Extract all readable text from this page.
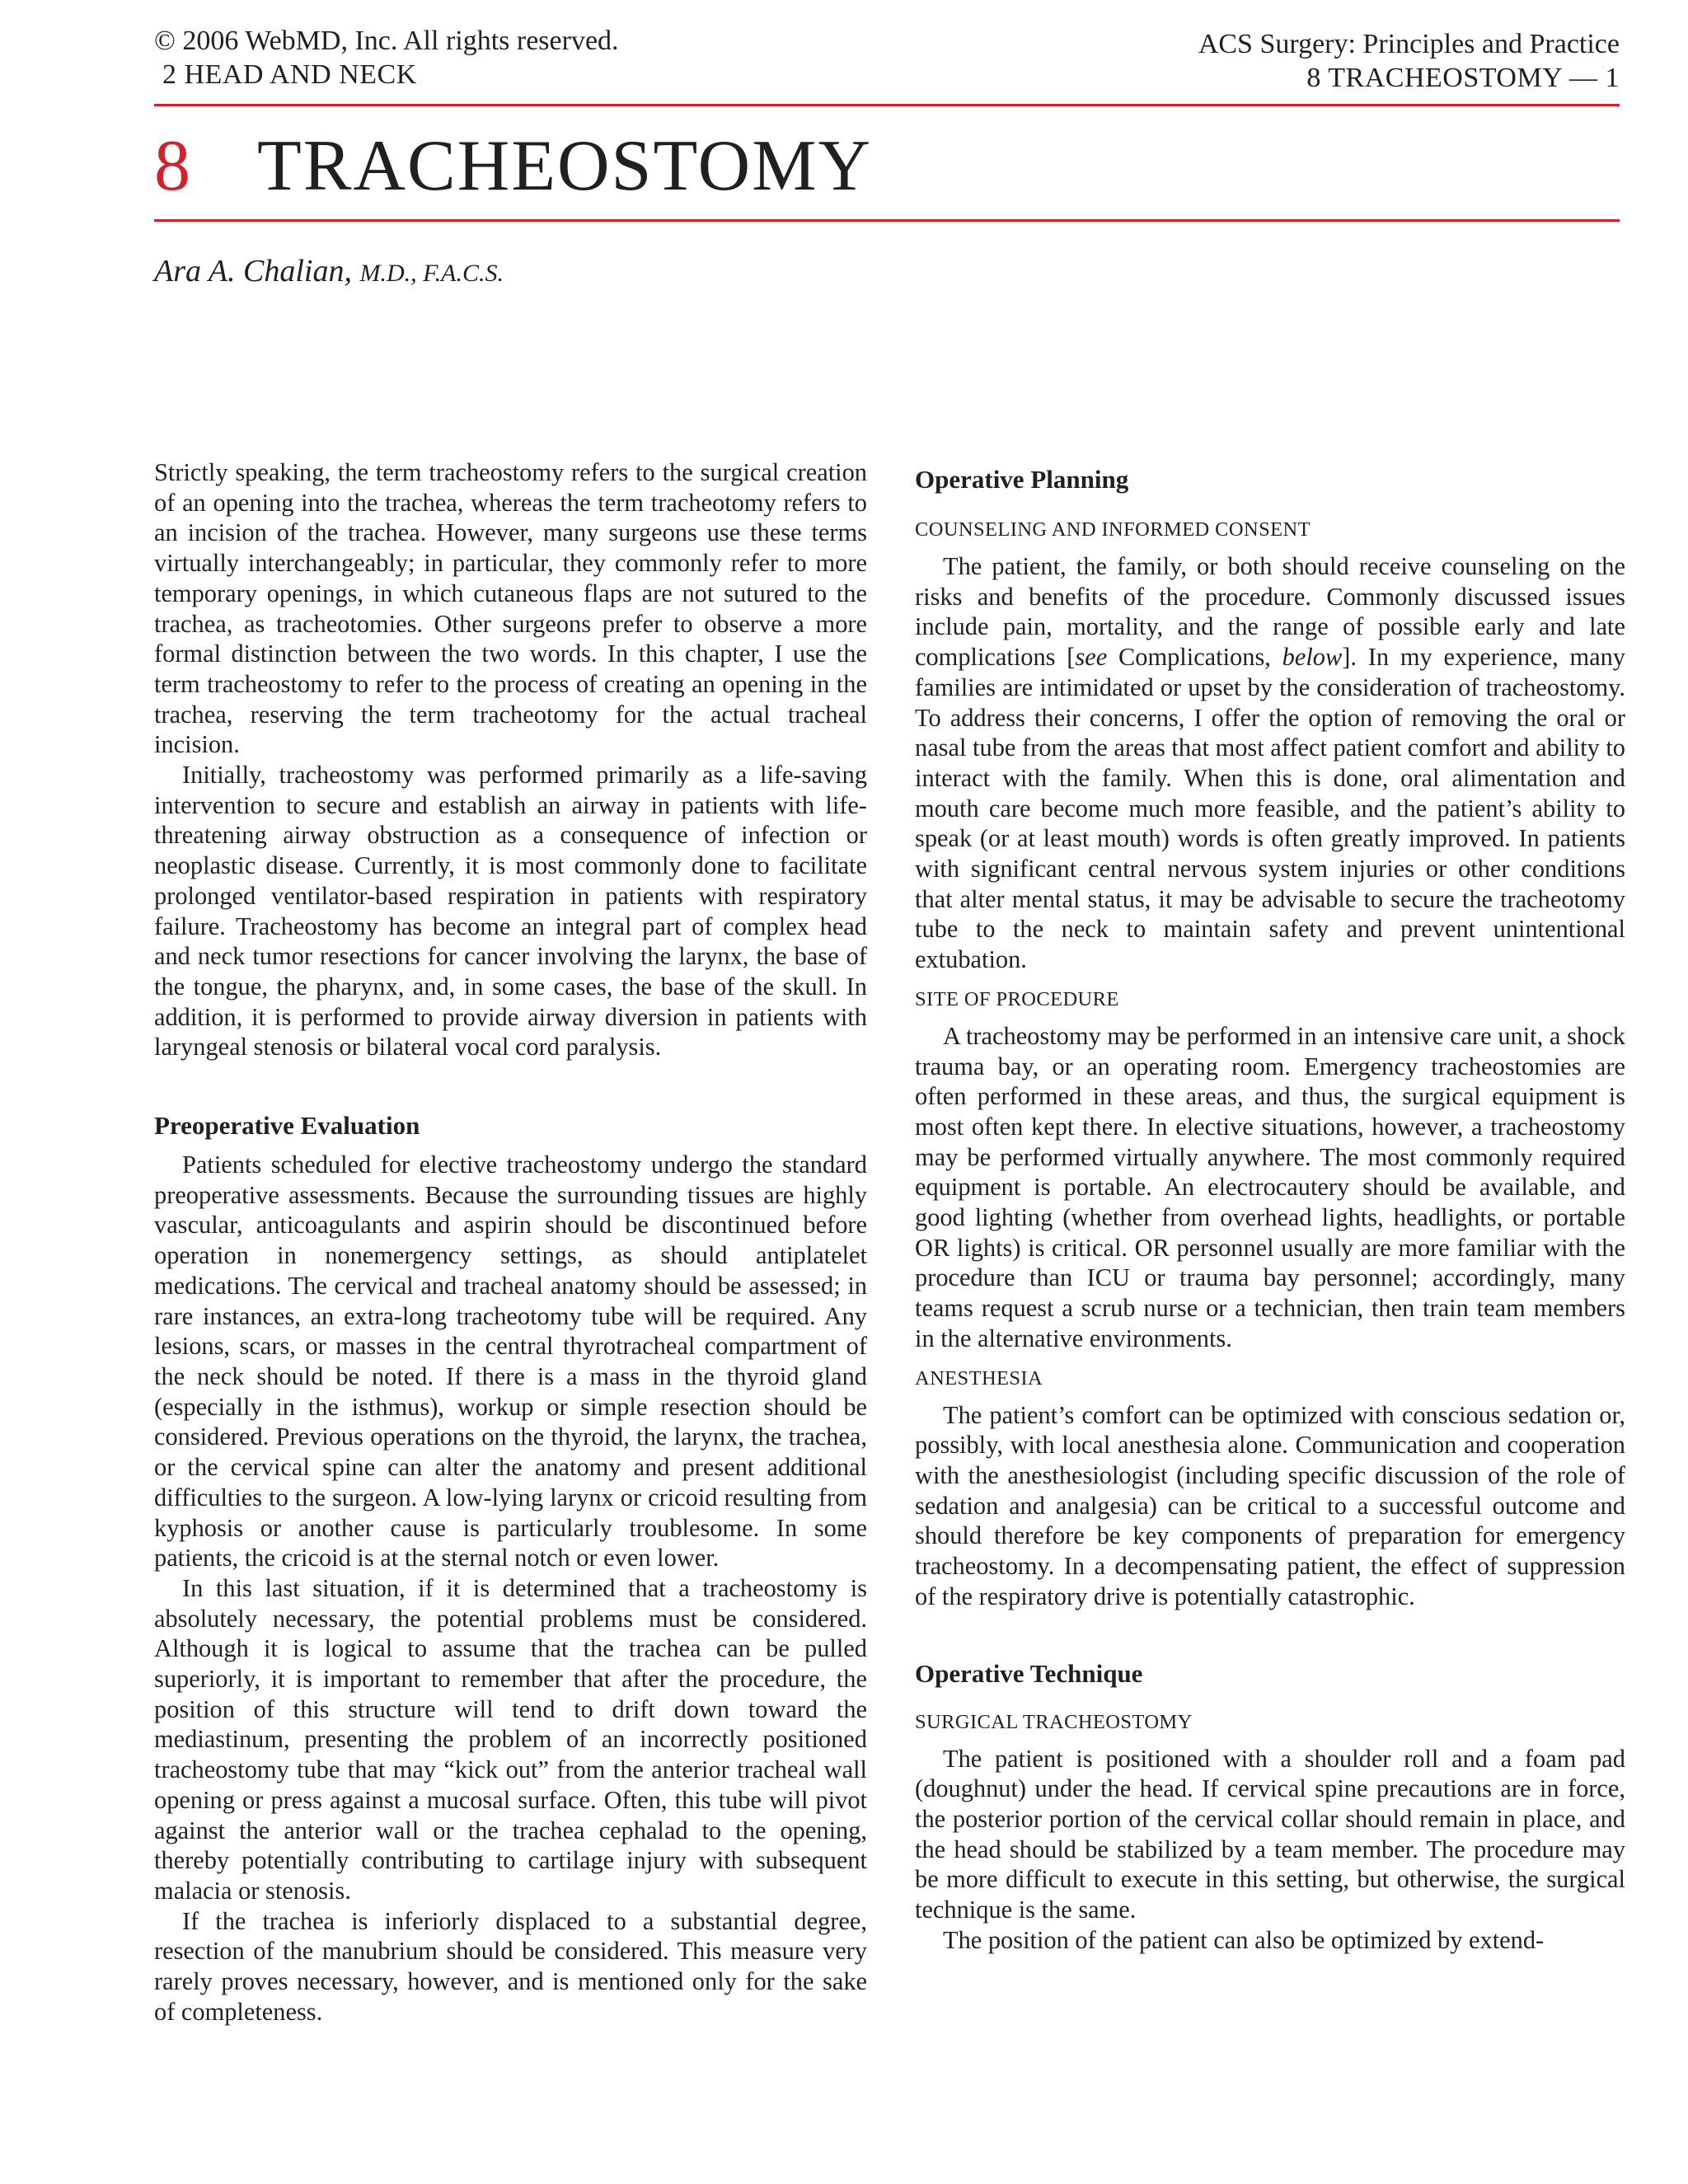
© 2006 WebMD, Inc. All rights reserved.
2 HEAD AND NECK
ACS Surgery: Principles and Practice
8 TRACHEOSTOMY — 1
8 TRACHEOSTOMY
Ara A. Chalian, M.D., F.A.C.S.

Strictly speaking, the term tracheostomy refers to the surgical creation of an opening into the trachea, whereas the term tracheotomy refers to an incision of the trachea. However, many surgeons use these terms virtually interchangeably; in particular, they commonly refer to more temporary openings, in which cutaneous flaps are not sutured to the trachea, as tracheotomies. Other surgeons prefer to observe a more formal distinction between the two words. In this chapter, I use the term tracheostomy to refer to the process of creating an opening in the trachea, reserving the term tracheotomy for the actual tracheal incision.

Initially, tracheostomy was performed primarily as a life-saving intervention to secure and establish an airway in patients with life-threatening airway obstruction as a consequence of infection or neoplastic disease. Currently, it is most commonly done to facilitate prolonged ventilator-based respiration in patients with respiratory failure. Tracheostomy has become an integral part of complex head and neck tumor resections for cancer involving the larynx, the base of the tongue, the pharynx, and, in some cases, the base of the skull. In addition, it is performed to provide airway diversion in patients with laryngeal stenosis or bilateral vocal cord paralysis.

Preoperative Evaluation

Patients scheduled for elective tracheostomy undergo the standard preoperative assessments. Because the surrounding tissues are highly vascular, anticoagulants and aspirin should be discontinued before operation in nonemergency settings, as should antiplatelet medications. The cervical and tracheal anatomy should be assessed; in rare instances, an extra-long tracheotomy tube will be required. Any lesions, scars, or masses in the central thyrotracheal compartment of the neck should be noted. If there is a mass in the thyroid gland (especially in the isthmus), workup or simple resection should be considered. Previous operations on the thyroid, the larynx, the trachea, or the cervical spine can alter the anatomy and present additional difficulties to the surgeon. A low-lying larynx or cricoid resulting from kyphosis or another cause is particularly troublesome. In some patients, the cricoid is at the sternal notch or even lower.

In this last situation, if it is determined that a tracheostomy is absolutely necessary, the potential problems must be considered. Although it is logical to assume that the trachea can be pulled superiorly, it is important to remember that after the procedure, the position of this structure will tend to drift down toward the mediastinum, presenting the problem of an incorrectly positioned tracheostomy tube that may “kick out” from the anterior tracheal wall opening or press against a mucosal surface. Often, this tube will pivot against the anterior wall or the trachea cephalad to the opening, thereby potentially contributing to cartilage injury with subsequent malacia or stenosis.

If the trachea is inferiorly displaced to a substantial degree, resection of the manubrium should be considered. This measure very rarely proves necessary, however, and is mentioned only for the sake of completeness.

Operative Planning
COUNSELING AND INFORMED CONSENT

The patient, the family, or both should receive counseling on the risks and benefits of the procedure. Commonly discussed issues include pain, mortality, and the range of possible early and late complications [see Complications, below]. In my experience, many families are intimidated or upset by the consideration of tracheostomy. To address their concerns, I offer the option of removing the oral or nasal tube from the areas that most affect patient comfort and ability to interact with the family. When this is done, oral alimentation and mouth care become much more feasible, and the patient’s ability to speak (or at least mouth) words is often greatly improved. In patients with significant central nervous system injuries or other conditions that alter mental status, it may be advisable to secure the tracheotomy tube to the neck to maintain safety and prevent unintentional extubation.

SITE OF PROCEDURE

A tracheostomy may be performed in an intensive care unit, a shock trauma bay, or an operating room. Emergency tracheostomies are often performed in these areas, and thus, the surgical equipment is most often kept there. In elective situations, however, a tracheostomy may be performed virtually anywhere. The most commonly required equipment is portable. An electrocautery should be available, and good lighting (whether from overhead lights, headlights, or portable OR lights) is critical. OR personnel usually are more familiar with the procedure than ICU or trauma bay personnel; accordingly, many teams request a scrub nurse or a technician, then train team members in the alternative environments.

ANESTHESIA

The patient’s comfort can be optimized with conscious sedation or, possibly, with local anesthesia alone. Communication and cooperation with the anesthesiologist (including specific discussion of the role of sedation and analgesia) can be critical to a successful outcome and should therefore be key components of preparation for emergency tracheostomy. In a decompensating patient, the effect of suppression of the respiratory drive is potentially catastrophic.

Operative Technique
SURGICAL TRACHEOSTOMY

The patient is positioned with a shoulder roll and a foam pad (doughnut) under the head. If cervical spine precautions are in force, the posterior portion of the cervical collar should remain in place, and the head should be stabilized by a team member. The procedure may be more difficult to execute in this setting, but otherwise, the surgical technique is the same.

The position of the patient can also be optimized by extend-
